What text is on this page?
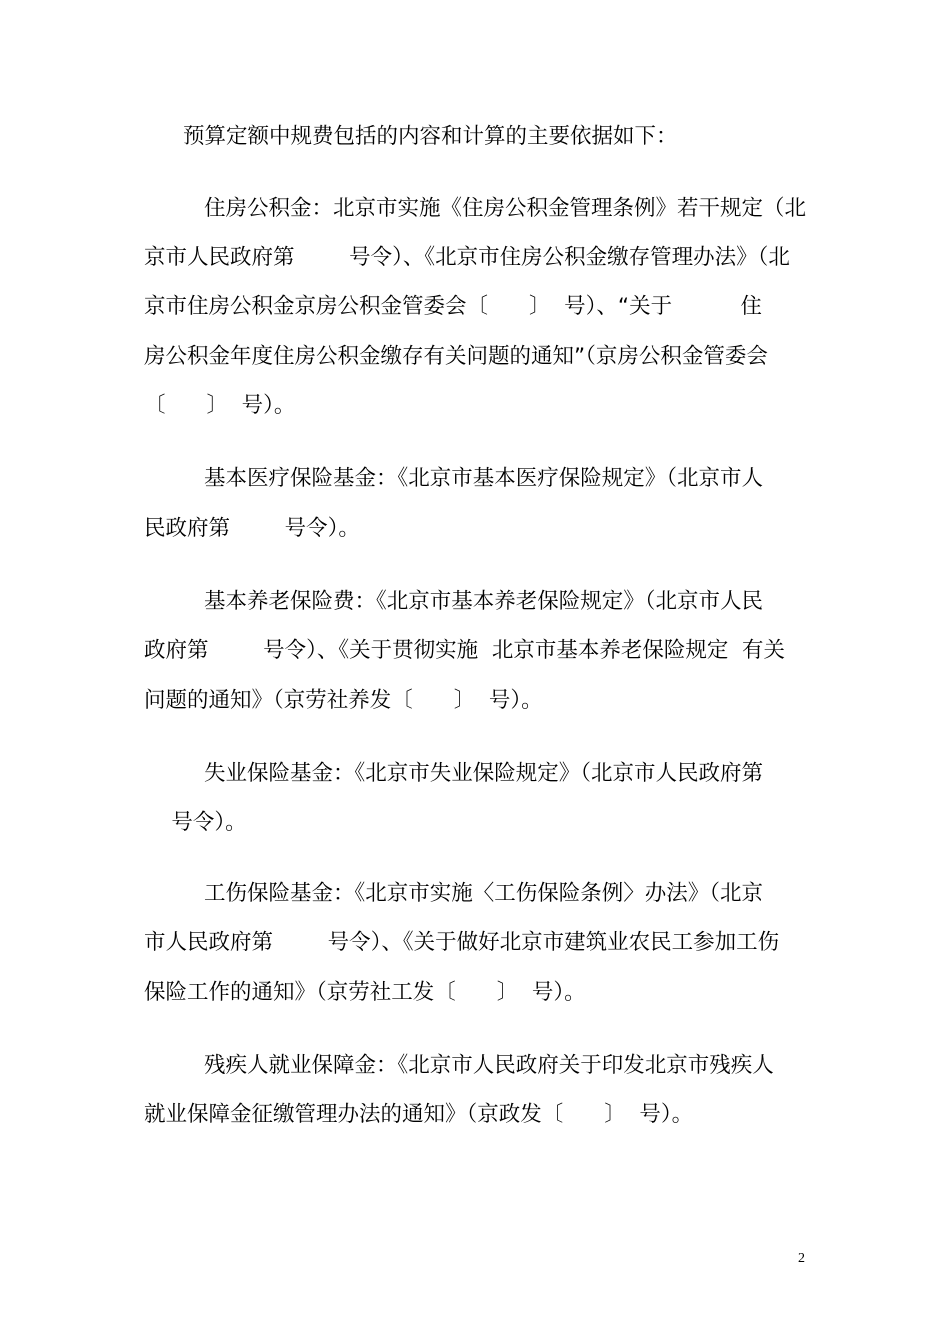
预算定额中规费包括的内容和计算的主要依据如下：

住房公积金：北京市实施《住房公积金管理条例》若干规定（北

京市人民政府第        号令）、《北京市住房公积金缴存管理办法》（北

京市住房公积金京房公积金管委会〔      〕  号）、“关于          住

房公积金年度住房公积金缴存有关问题的通知”（京房公积金管委会

〔      〕  号）。

基本医疗保险基金：《北京市基本医疗保险规定》（北京市人

民政府第        号令）。

基本养老保险费：《北京市基本养老保险规定》（北京市人民

政府第        号令）、《关于贯彻实施  北京市基本养老保险规定  有关

问题的通知》（京劳社养发〔      〕  号）。

失业保险基金：《北京市失业保险规定》（北京市人民政府第

号令）。

工伤保险基金：《北京市实施〈工伤保险条例〉办法》（北京

市人民政府第        号令）、《关于做好北京市建筑业农民工参加工伤

保险工作的通知》（京劳社工发〔      〕  号）。

残疾人就业保障金：《北京市人民政府关于印发北京市残疾人

就业保障金征缴管理办法的通知》（京政发〔      〕  号）。

2
